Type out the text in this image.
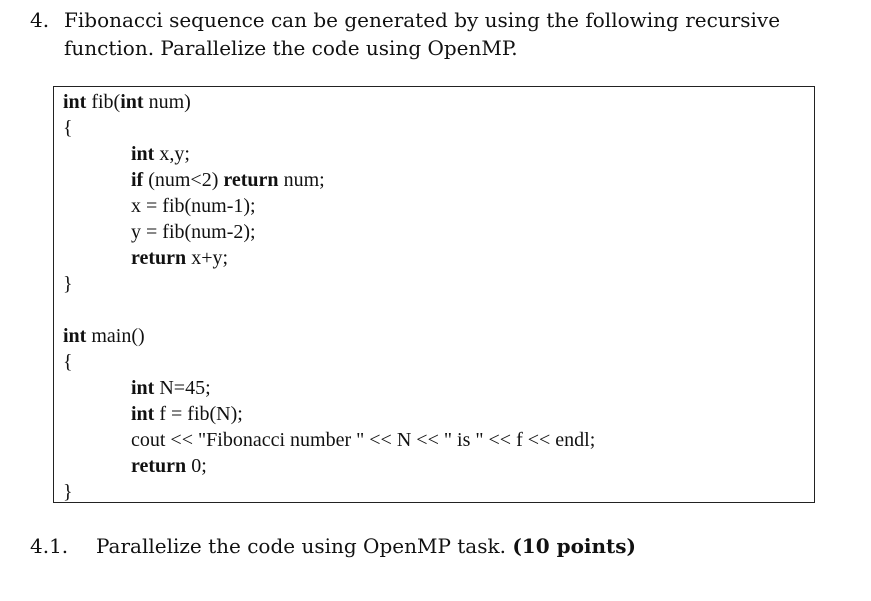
4. Fibonacci sequence can be generated by using the following recursive function. Parallelize the code using OpenMP.
int fib(int num)
{
int x,y;
if (num<2) return num;
x = fib(num-1);
y = fib(num-2);
return x+y;
}
int main()
{
int N=45;
int f = fib(N);
cout << "Fibonacci number " << N << " is " << f << endl;
return 0;
}
4.1. Parallelize the code using OpenMP task. (10 points)
